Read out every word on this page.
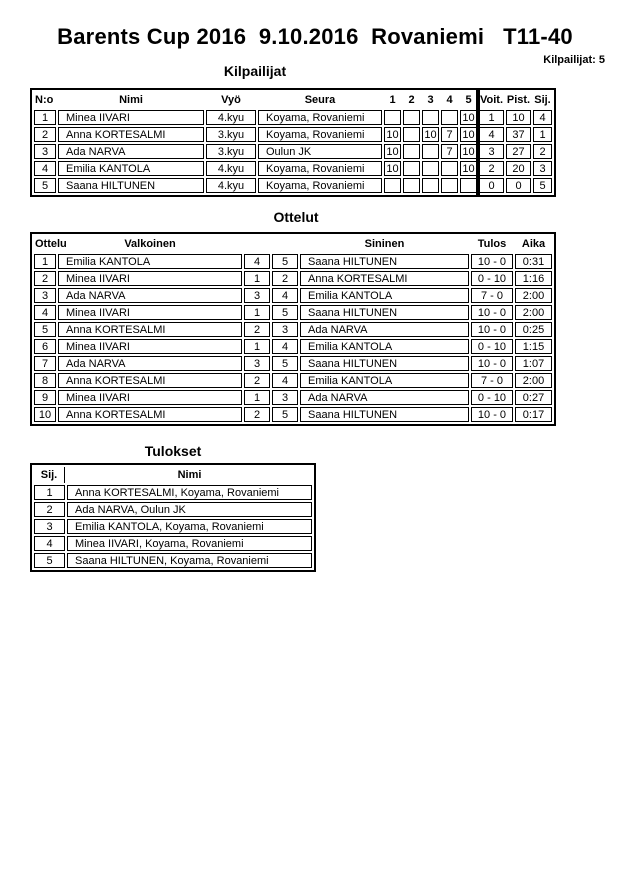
Barents Cup 2016  9.10.2016  Rovaniemi   T11-40
Kilpailijat: 5
Kilpailijat
N:o	Nimi	Vyö	Seura	1	2	3	4	5	Voit.	Pist.	Sij.
1	Minea IIVARI	4.kyu	Koyama, Rovaniemi					10	1	10	4
2	Anna KORTESALMI	3.kyu	Koyama, Rovaniemi	10		10	7	10	4	37	1
3	Ada NARVA	3.kyu	Oulun JK	10			7	10	3	27	2
4	Emilia KANTOLA	4.kyu	Koyama, Rovaniemi	10				10	2	20	3
5	Saana HILTUNEN	4.kyu	Koyama, Rovaniemi						0	0	5
Ottelut
Ottelu	Valkoinen			Sininen	Tulos	Aika
1	Emilia KANTOLA	4	5	Saana HILTUNEN	10 - 0	0:31
2	Minea IIVARI	1	2	Anna KORTESALMI	0 - 10	1:16
3	Ada NARVA	3	4	Emilia KANTOLA	7 - 0	2:00
4	Minea IIVARI	1	5	Saana HILTUNEN	10 - 0	2:00
5	Anna KORTESALMI	2	3	Ada NARVA	10 - 0	0:25
6	Minea IIVARI	1	4	Emilia KANTOLA	0 - 10	1:15
7	Ada NARVA	3	5	Saana HILTUNEN	10 - 0	1:07
8	Anna KORTESALMI	2	4	Emilia KANTOLA	7 - 0	2:00
9	Minea IIVARI	1	3	Ada NARVA	0 - 10	0:27
10	Anna KORTESALMI	2	5	Saana HILTUNEN	10 - 0	0:17
Tulokset
Sij.	Nimi
1	Anna KORTESALMI, Koyama, Rovaniemi
2	Ada NARVA, Oulun JK
3	Emilia KANTOLA, Koyama, Rovaniemi
4	Minea IIVARI, Koyama, Rovaniemi
5	Saana HILTUNEN, Koyama, Rovaniemi
